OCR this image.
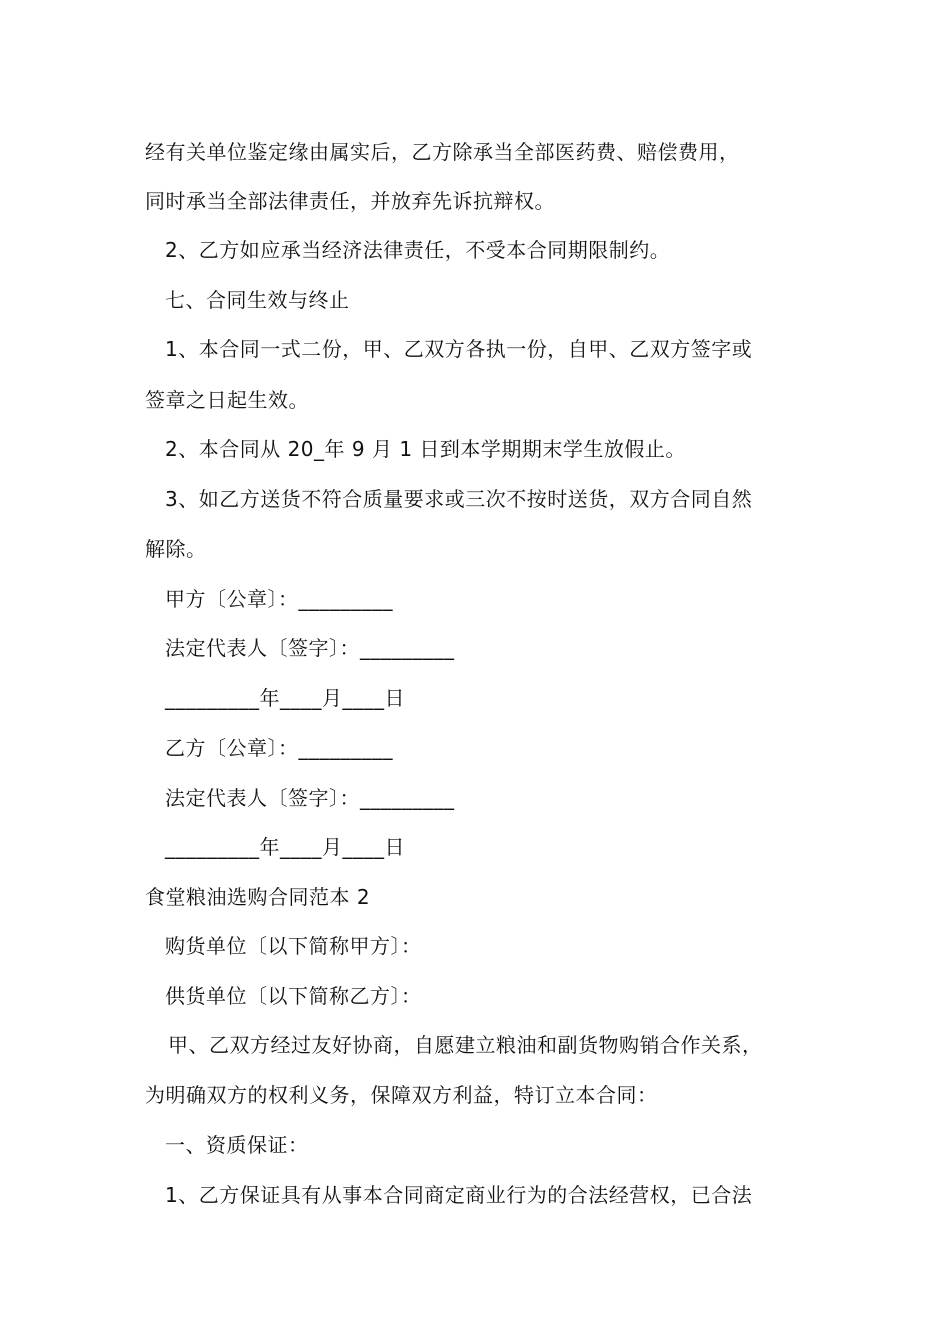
经有关单位鉴定缘由属实后，乙方除承当全部医药费、赔偿费用，
同时承当全部法律责任，并放弃先诉抗辩权。
2、乙方如应承当经济法律责任，不受本合同期限制约。
七、合同生效与终止
1、本合同一式二份，甲、乙双方各执一份，自甲、乙双方签字或
签章之日起生效。
2、本合同从 20_年 9 月 1 日到本学期期末学生放假止。
3、如乙方送货不符合质量要求或三次不按时送货，双方合同自然
解除。
甲方〔公章〕：_________
法定代表人〔签字〕：_________
_________年____月____日
乙方〔公章〕：_________
法定代表人〔签字〕：_________
_________年____月____日
食堂粮油选购合同范本 2
购货单位〔以下简称甲方〕：
供货单位〔以下简称乙方〕：
甲、乙双方经过友好协商，自愿建立粮油和副货物购销合作关系，
为明确双方的权利义务，保障双方利益，特订立本合同：
一、资质保证：
1、乙方保证具有从事本合同商定商业行为的合法经营权，已合法
